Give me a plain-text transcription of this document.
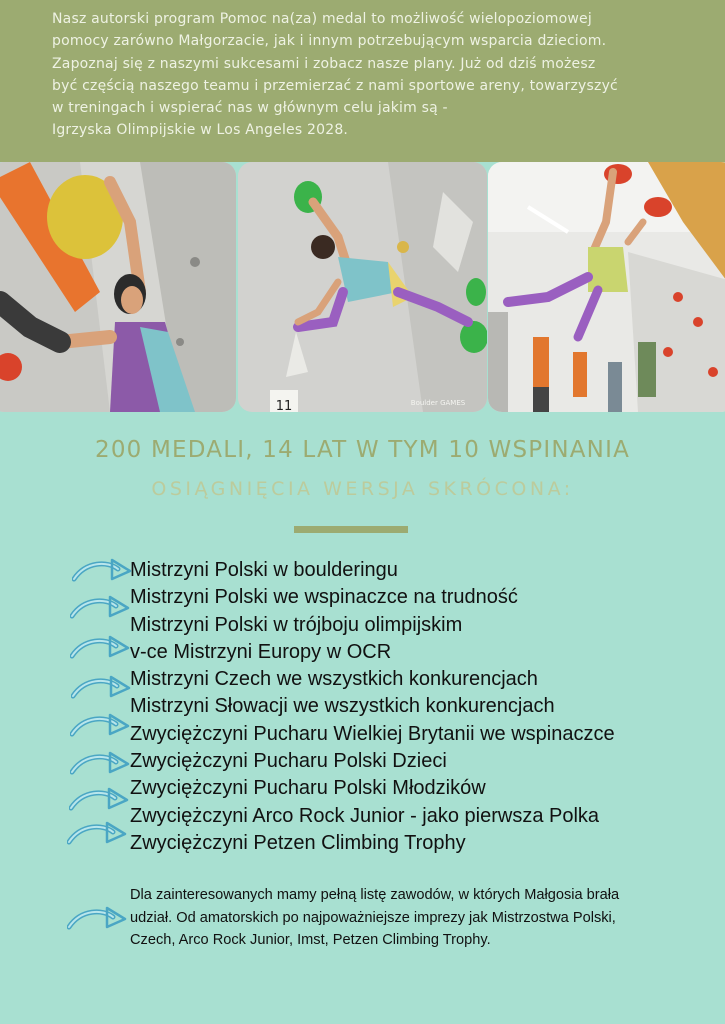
Nasz autorski program Pomoc na(za) medal to możliwość wielopoziomowej
pomocy zarówno Małgorzacie, jak i innym potrzebującym wsparcia dzieciom.
Zapoznaj się z naszymi sukcesami i zobacz nasze plany. Już od dziś możesz
być częścią naszego teamu i przemierzać z nami sportowe areny, towarzyszyć
w treningach i wspierać nas w głównym celu jakim są -
Igrzyska Olimpijskie w Los Angeles 2028.

11	Boulder GAMES
200 MEDALI, 14 LAT W TYM 10 WSPINANIA
OSIĄGNIĘCIA WERSJA SKRÓCONA:
Mistrzyni Polski w boulderingu
Mistrzyni Polski we wspinaczce na trudność
Mistrzyni Polski w trójboju olimpijskim
v-ce Mistrzyni Europy w OCR
Mistrzyni Czech we wszystkich konkurencjach
Mistrzyni Słowacji we wszystkich konkurencjach
Zwyciężczyni Pucharu Wielkiej Brytanii we wspinaczce
Zwyciężczyni Pucharu Polski Dzieci
Zwyciężczyni Pucharu Polski Młodzików
Zwyciężczyni Arco Rock Junior - jako pierwsza Polka
Zwyciężczyni Petzen Climbing Trophy

Dla zainteresowanych mamy pełną listę zawodów, w których Małgosia brała
udział. Od amatorskich po najpoważniejsze imprezy jak Mistrzostwa Polski,
Czech, Arco Rock Junior, Imst, Petzen Climbing Trophy.
